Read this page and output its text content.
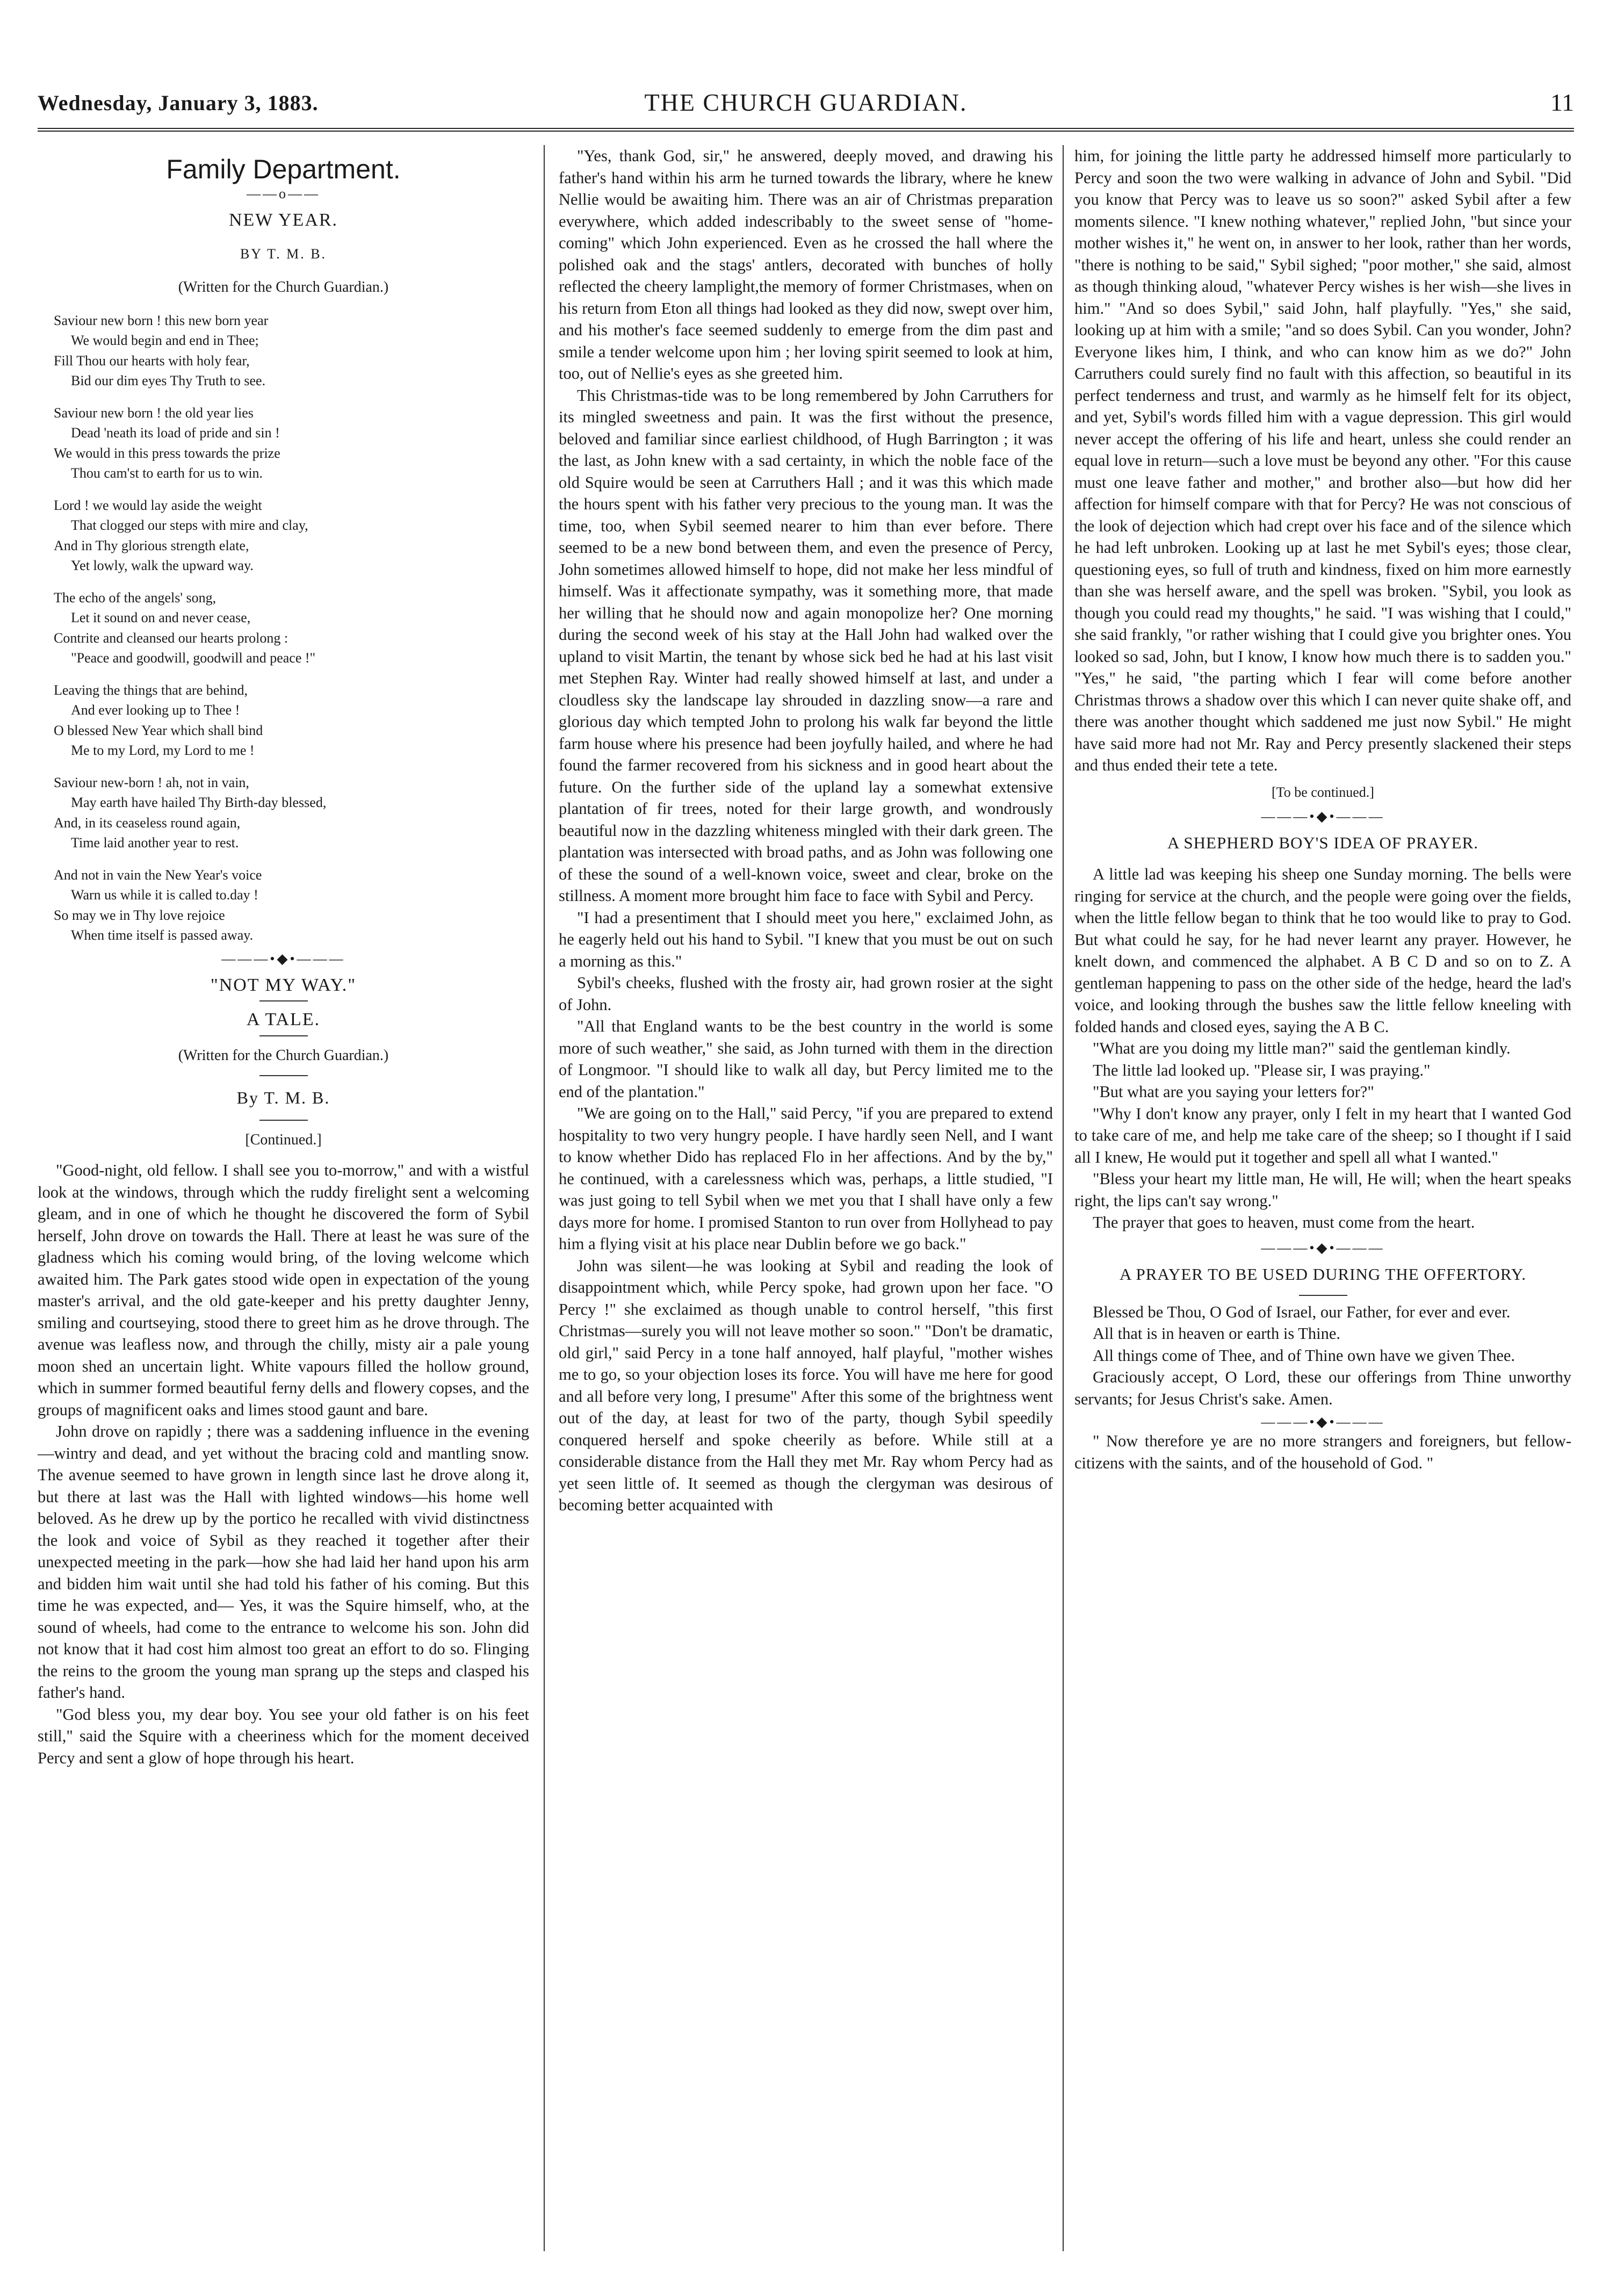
Wednesday, January 3, 1883.	THE CHURCH GUARDIAN.	11
Family Department.
——o——
NEW YEAR.
BY T. M. B.
(Written for the Church Guardian.)
Saviour new born ! this new born year
We would begin and end in Thee;
Fill Thou our hearts with holy fear,
Bid our dim eyes Thy Truth to see.
Saviour new born ! the old year lies
Dead 'neath its load of pride and sin !
We would in this press towards the prize
Thou cam'st to earth for us to win.
Lord ! we would lay aside the weight
That clogged our steps with mire and clay,
And in Thy glorious strength elate,
Yet lowly, walk the upward way.
The echo of the angels' song,
Let it sound on and never cease,
Contrite and cleansed our hearts prolong :
"Peace and goodwill, goodwill and peace !"
Leaving the things that are behind,
And ever looking up to Thee !
O blessed New Year which shall bind
Me to my Lord, my Lord to me !
Saviour new-born ! ah, not in vain,
May earth have hailed Thy Birth-day blessed,
And, in its ceaseless round again,
Time laid another year to rest.
And not in vain the New Year's voice
Warn us while it is called to.day !
So may we in Thy love rejoice
When time itself is passed away.
———•◆•———
"NOT MY WAY."
A TALE.
(Written for the Church Guardian.)
By T. M. B.
[Continued.]

"Good-night, old fellow. I shall see you to-morrow," and with a wistful look at the windows, through which the ruddy firelight sent a welcoming gleam, and in one of which he thought he discovered the form of Sybil herself, John drove on towards the Hall. There at least he was sure of the gladness which his coming would bring, of the loving welcome which awaited him. The Park gates stood wide open in expectation of the young master's arrival, and the old gate-keeper and his pretty daughter Jenny, smiling and courtseying, stood there to greet him as he drove through. The avenue was leafless now, and through the chilly, misty air a pale young moon shed an uncertain light. White vapours filled the hollow ground, which in summer formed beautiful ferny dells and flowery copses, and the groups of magnificent oaks and limes stood gaunt and bare.

John drove on rapidly ; there was a saddening influence in the evening—wintry and dead, and yet without the bracing cold and mantling snow. The avenue seemed to have grown in length since last he drove along it, but there at last was the Hall with lighted windows—his home well beloved. As he drew up by the portico he recalled with vivid distinctness the look and voice of Sybil as they reached it together after their unexpected meeting in the park—how she had laid her hand upon his arm and bidden him wait until she had told his father of his coming. But this time he was expected, and— Yes, it was the Squire himself, who, at the sound of wheels, had come to the entrance to welcome his son. John did not know that it had cost him almost too great an effort to do so. Flinging the reins to the groom the young man sprang up the steps and clasped his father's hand.

"God bless you, my dear boy. You see your old father is on his feet still," said the Squire with a cheeriness which for the moment deceived Percy and sent a glow of hope through his heart.

"Yes, thank God, sir," he answered, deeply moved, and drawing his father's hand within his arm he turned towards the library, where he knew Nellie would be awaiting him. There was an air of Christmas preparation everywhere, which added indescribably to the sweet sense of "home-coming" which John experienced. Even as he crossed the hall where the polished oak and the stags' antlers, decorated with bunches of holly reflected the cheery lamplight,the memory of former Christmases, when on his return from Eton all things had looked as they did now, swept over him, and his mother's face seemed suddenly to emerge from the dim past and smile a tender welcome upon him ; her loving spirit seemed to look at him, too, out of Nellie's eyes as she greeted him.

This Christmas-tide was to be long remembered by John Carruthers for its mingled sweetness and pain. It was the first without the presence, beloved and familiar since earliest childhood, of Hugh Barrington ; it was the last, as John knew with a sad certainty, in which the noble face of the old Squire would be seen at Carruthers Hall ; and it was this which made the hours spent with his father very precious to the young man. It was the time, too, when Sybil seemed nearer to him than ever before. There seemed to be a new bond between them, and even the presence of Percy, John sometimes allowed himself to hope, did not make her less mindful of himself. Was it affectionate sympathy, was it something more, that made her willing that he should now and again monopolize her? One morning during the second week of his stay at the Hall John had walked over the upland to visit Martin, the tenant by whose sick bed he had at his last visit met Stephen Ray. Winter had really showed himself at last, and under a cloudless sky the landscape lay shrouded in dazzling snow—a rare and glorious day which tempted John to prolong his walk far beyond the little farm house where his presence had been joyfully hailed, and where he had found the farmer recovered from his sickness and in good heart about the future. On the further side of the upland lay a somewhat extensive plantation of fir trees, noted for their large growth, and wondrously beautiful now in the dazzling whiteness mingled with their dark green. The plantation was intersected with broad paths, and as John was following one of these the sound of a well-known voice, sweet and clear, broke on the stillness. A moment more brought him face to face with Sybil and Percy.

"I had a presentiment that I should meet you here," exclaimed John, as he eagerly held out his hand to Sybil. "I knew that you must be out on such a morning as this."

Sybil's cheeks, flushed with the frosty air, had grown rosier at the sight of John.

"All that England wants to be the best country in the world is some more of such weather," she said, as John turned with them in the direction of Longmoor. "I should like to walk all day, but Percy limited me to the end of the plantation."

"We are going on to the Hall," said Percy, "if you are prepared to extend hospitality to two very hungry people. I have hardly seen Nell, and I want to know whether Dido has replaced Flo in her affections. And by the by," he continued, with a carelessness which was, perhaps, a little studied, "I was just going to tell Sybil when we met you that I shall have only a few days more for home. I promised Stanton to run over from Hollyhead to pay him a flying visit at his place near Dublin before we go back."

John was silent—he was looking at Sybil and reading the look of disappointment which, while Percy spoke, had grown upon her face. "O Percy !" she exclaimed as though unable to control herself, "this first Christmas—surely you will not leave mother so soon." "Don't be dramatic, old girl," said Percy in a tone half annoyed, half playful, "mother wishes me to go, so your objection loses its force. You will have me here for good and all before very long, I presume" After this some of the brightness went out of the day, at least for two of the party, though Sybil speedily conquered herself and spoke cheerily as before. While still at a considerable distance from the Hall they met Mr. Ray whom Percy had as yet seen little of. It seemed as though the clergyman was desirous of becoming better acquainted with

him, for joining the little party he addressed himself more particularly to Percy and soon the two were walking in advance of John and Sybil. "Did you know that Percy was to leave us so soon?" asked Sybil after a few moments silence. "I knew nothing whatever," replied John, "but since your mother wishes it," he went on, in answer to her look, rather than her words, "there is nothing to be said," Sybil sighed; "poor mother," she said, almost as though thinking aloud, "whatever Percy wishes is her wish—she lives in him." "And so does Sybil," said John, half playfully. "Yes," she said, looking up at him with a smile; "and so does Sybil. Can you wonder, John? Everyone likes him, I think, and who can know him as we do?" John Carruthers could surely find no fault with this affection, so beautiful in its perfect tenderness and trust, and warmly as he himself felt for its object, and yet, Sybil's words filled him with a vague depression. This girl would never accept the offering of his life and heart, unless she could render an equal love in return—such a love must be beyond any other. "For this cause must one leave father and mother," and brother also—but how did her affection for himself compare with that for Percy? He was not conscious of the look of dejection which had crept over his face and of the silence which he had left unbroken. Looking up at last he met Sybil's eyes; those clear, questioning eyes, so full of truth and kindness, fixed on him more earnestly than she was herself aware, and the spell was broken. "Sybil, you look as though you could read my thoughts," he said. "I was wishing that I could," she said frankly, "or rather wishing that I could give you brighter ones. You looked so sad, John, but I know, I know how much there is to sadden you." "Yes," he said, "the parting which I fear will come before another Christmas throws a shadow over this which I can never quite shake off, and there was another thought which saddened me just now Sybil." He might have said more had not Mr. Ray and Percy presently slackened their steps and thus ended their tete a tete.

[To be continued.]
———•◆•———
A SHEPHERD BOY'S IDEA OF PRAYER.

A little lad was keeping his sheep one Sunday morning. The bells were ringing for service at the church, and the people were going over the fields, when the little fellow began to think that he too would like to pray to God. But what could he say, for he had never learnt any prayer. However, he knelt down, and commenced the alphabet. A B C D and so on to Z. A gentleman happening to pass on the other side of the hedge, heard the lad's voice, and looking through the bushes saw the little fellow kneeling with folded hands and closed eyes, saying the A B C.

"What are you doing my little man?" said the gentleman kindly.

The little lad looked up. "Please sir, I was praying."

"But what are you saying your letters for?"

"Why I don't know any prayer, only I felt in my heart that I wanted God to take care of me, and help me take care of the sheep; so I thought if I said all I knew, He would put it together and spell all what I wanted."

"Bless your heart my little man, He will, He will; when the heart speaks right, the lips can't say wrong."

The prayer that goes to heaven, must come from the heart.

———•◆•———
A PRAYER TO BE USED DURING THE OFFERTORY.

Blessed be Thou, O God of Israel, our Father, for ever and ever.

All that is in heaven or earth is Thine.

All things come of Thee, and of Thine own have we given Thee.

Graciously accept, O Lord, these our offerings from Thine unworthy servants; for Jesus Christ's sake. Amen.

———•◆•———

" Now therefore ye are no more strangers and foreigners, but fellow-citizens with the saints, and of the household of God. "
